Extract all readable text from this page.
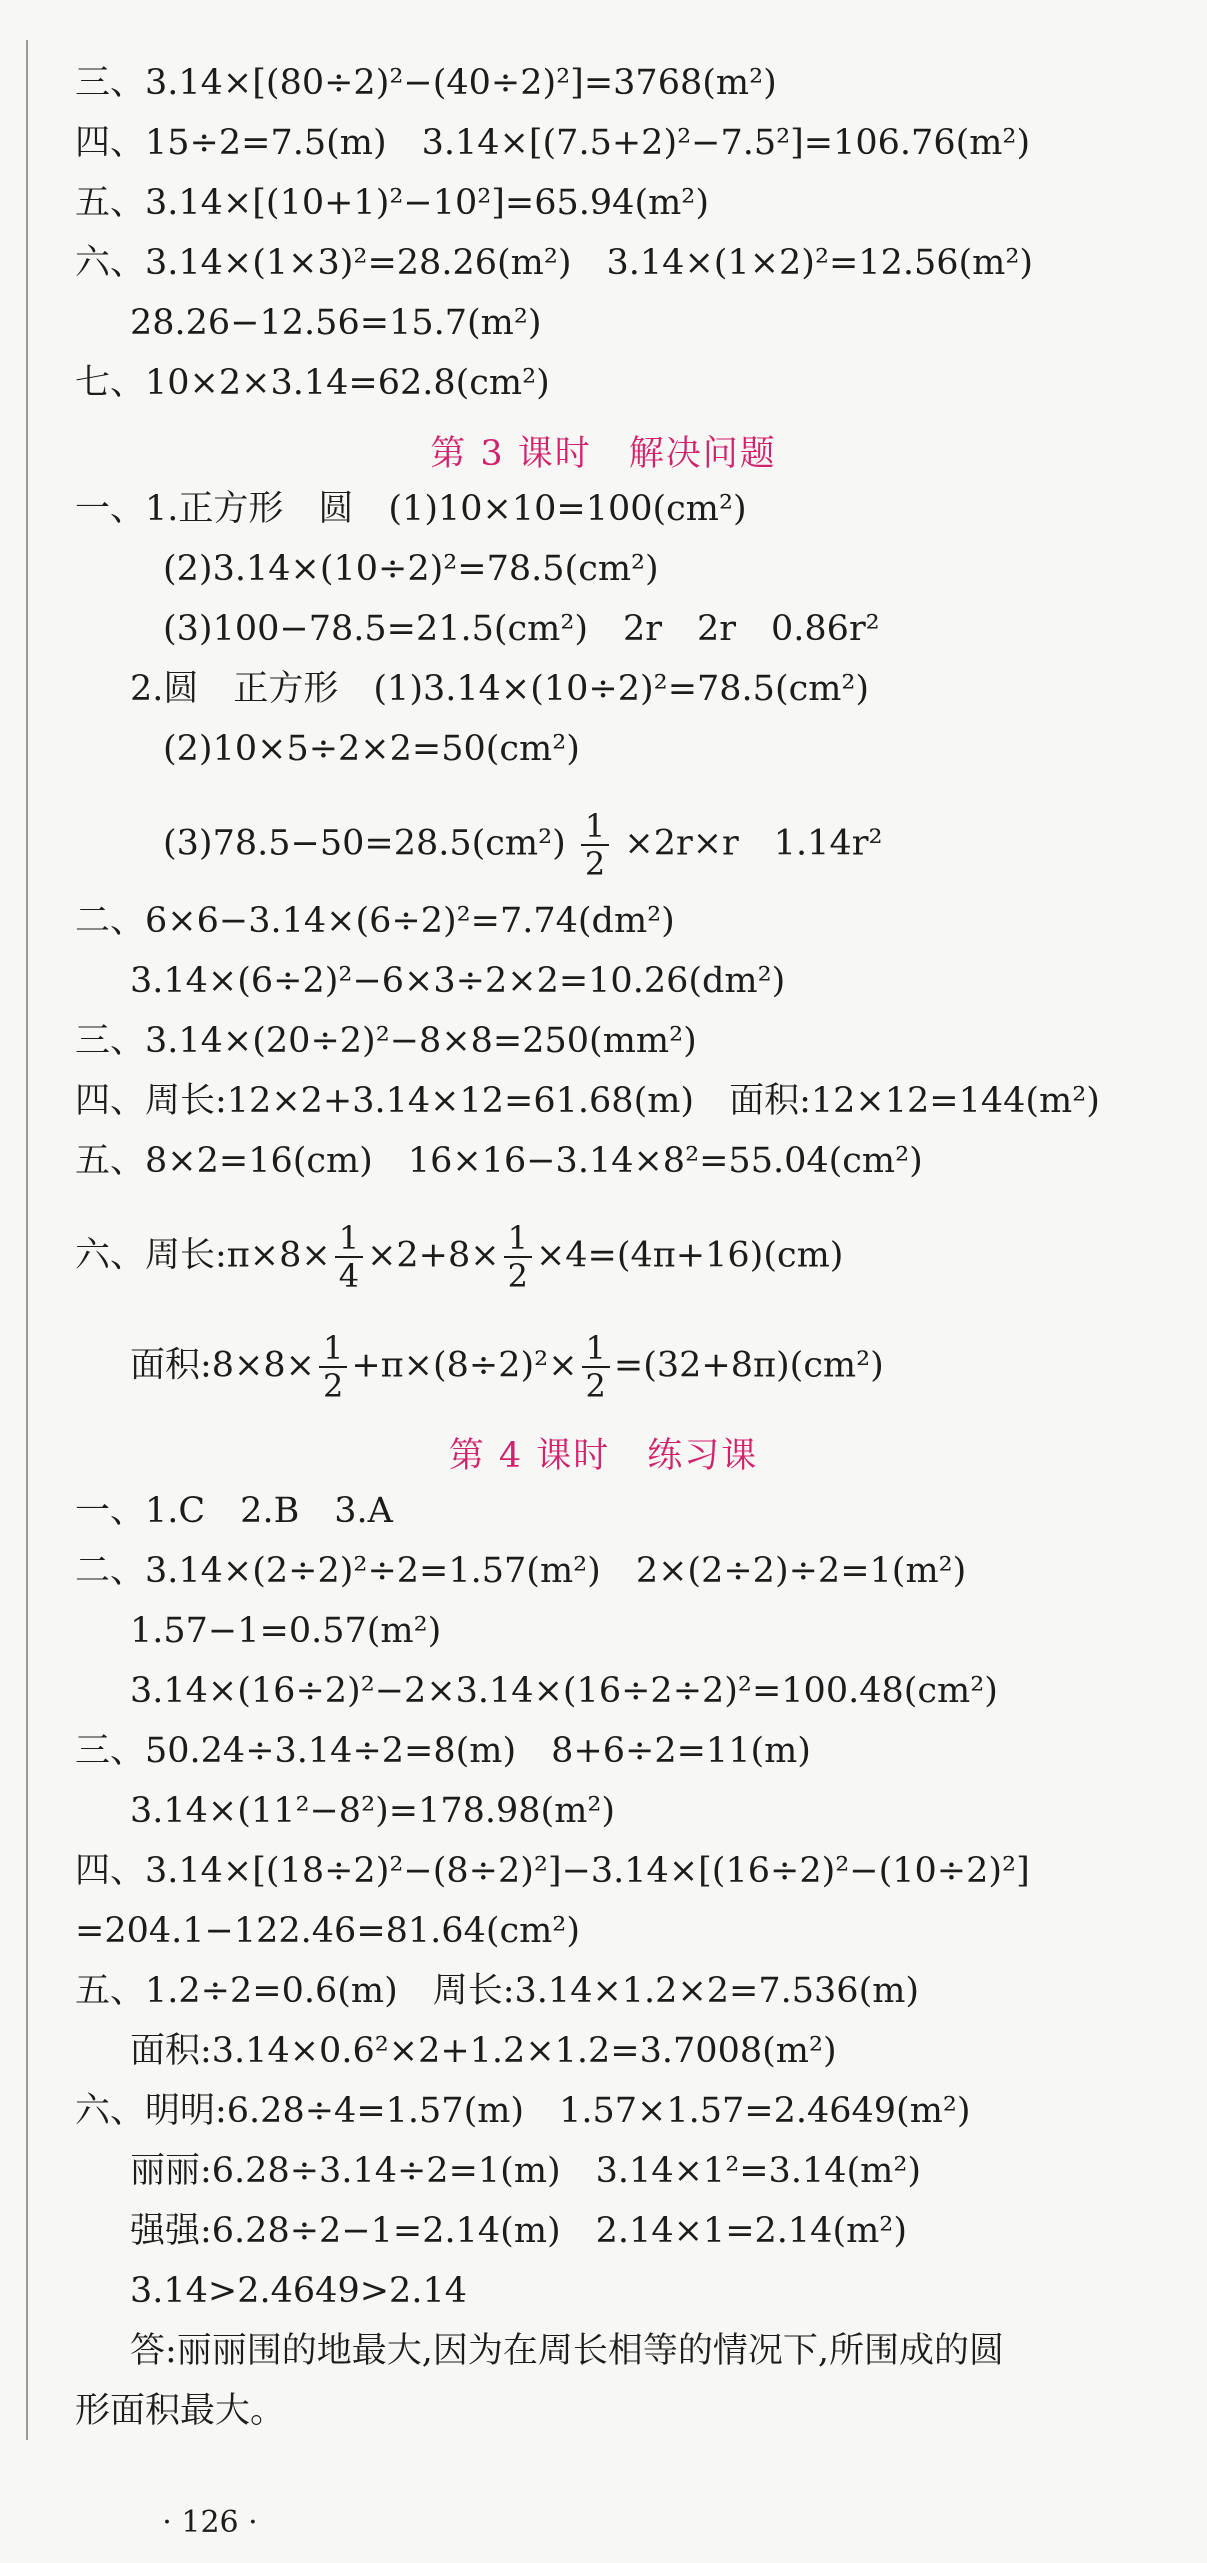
三、3.14×[(80÷2)²−(40÷2)²]=3768(m²)
四、15÷2=7.5(m)　3.14×[(7.5+2)²−7.5²]=106.76(m²)
五、3.14×[(10+1)²−10²]=65.94(m²)
六、3.14×(1×3)²=28.26(m²)　3.14×(1×2)²=12.56(m²)
28.26−12.56=15.7(m²)
七、10×2×3.14=62.8(cm²)
第 3 课时　解决问题
一、1.正方形　圆　(1)10×10=100(cm²)
(2)3.14×(10÷2)²=78.5(cm²)
(3)100−78.5=21.5(cm²)　2r　2r　0.86r²
2.圆　正方形　(1)3.14×(10÷2)²=78.5(cm²)
(2)10×5÷2×2=50(cm²)
$(3)78.5-50=28.5(cm^2) \frac{1}{2} \times 2r\times r$　1.14r²
二、6×6−3.14×(6÷2)²=7.74(dm²)
3.14×(6÷2)²−6×3÷2×2=10.26(dm²)
三、3.14×(20÷2)²−8×8=250(mm²)
四、周长:12×2+3.14×12=61.68(m)　面积:12×12=144(m²)
五、8×2=16(cm)　16×16−3.14×8²=55.04(cm²)
六、周长:π×8× $\frac{1}{4} \times 2+8\times \frac{1}{2} \times 4=(4\pi+16)(cm)$
面积:8×8× $\frac{1}{2} +\pi\times(8\div 2)^2\times \frac{1}{2} =(32+8\pi)(cm^2)$
第 4 课时　练习课
一、1.C　2.B　3.A
二、3.14×(2÷2)²÷2=1.57(m²)　2×(2÷2)÷2=1(m²)
1.57−1=0.57(m²)
3.14×(16÷2)²−2×3.14×(16÷2÷2)²=100.48(cm²)
三、50.24÷3.14÷2=8(m)　8+6÷2=11(m)
3.14×(11²−8²)=178.98(m²)
四、3.14×[(18÷2)²−(8÷2)²]−3.14×[(16÷2)²−(10÷2)²]
=204.1−122.46=81.64(cm²)
五、1.2÷2=0.6(m)　周长:3.14×1.2×2=7.536(m)
面积:3.14×0.6²×2+1.2×1.2=3.7008(m²)
六、明明:6.28÷4=1.57(m)　1.57×1.57=2.4649(m²)
丽丽:6.28÷3.14÷2=1(m)　3.14×1²=3.14(m²)
强强:6.28÷2−1=2.14(m)　2.14×1=2.14(m²)
3.14>2.4649>2.14
答:丽丽围的地最大,因为在周长相等的情况下,所围成的圆
形面积最大。
· 126 ·
